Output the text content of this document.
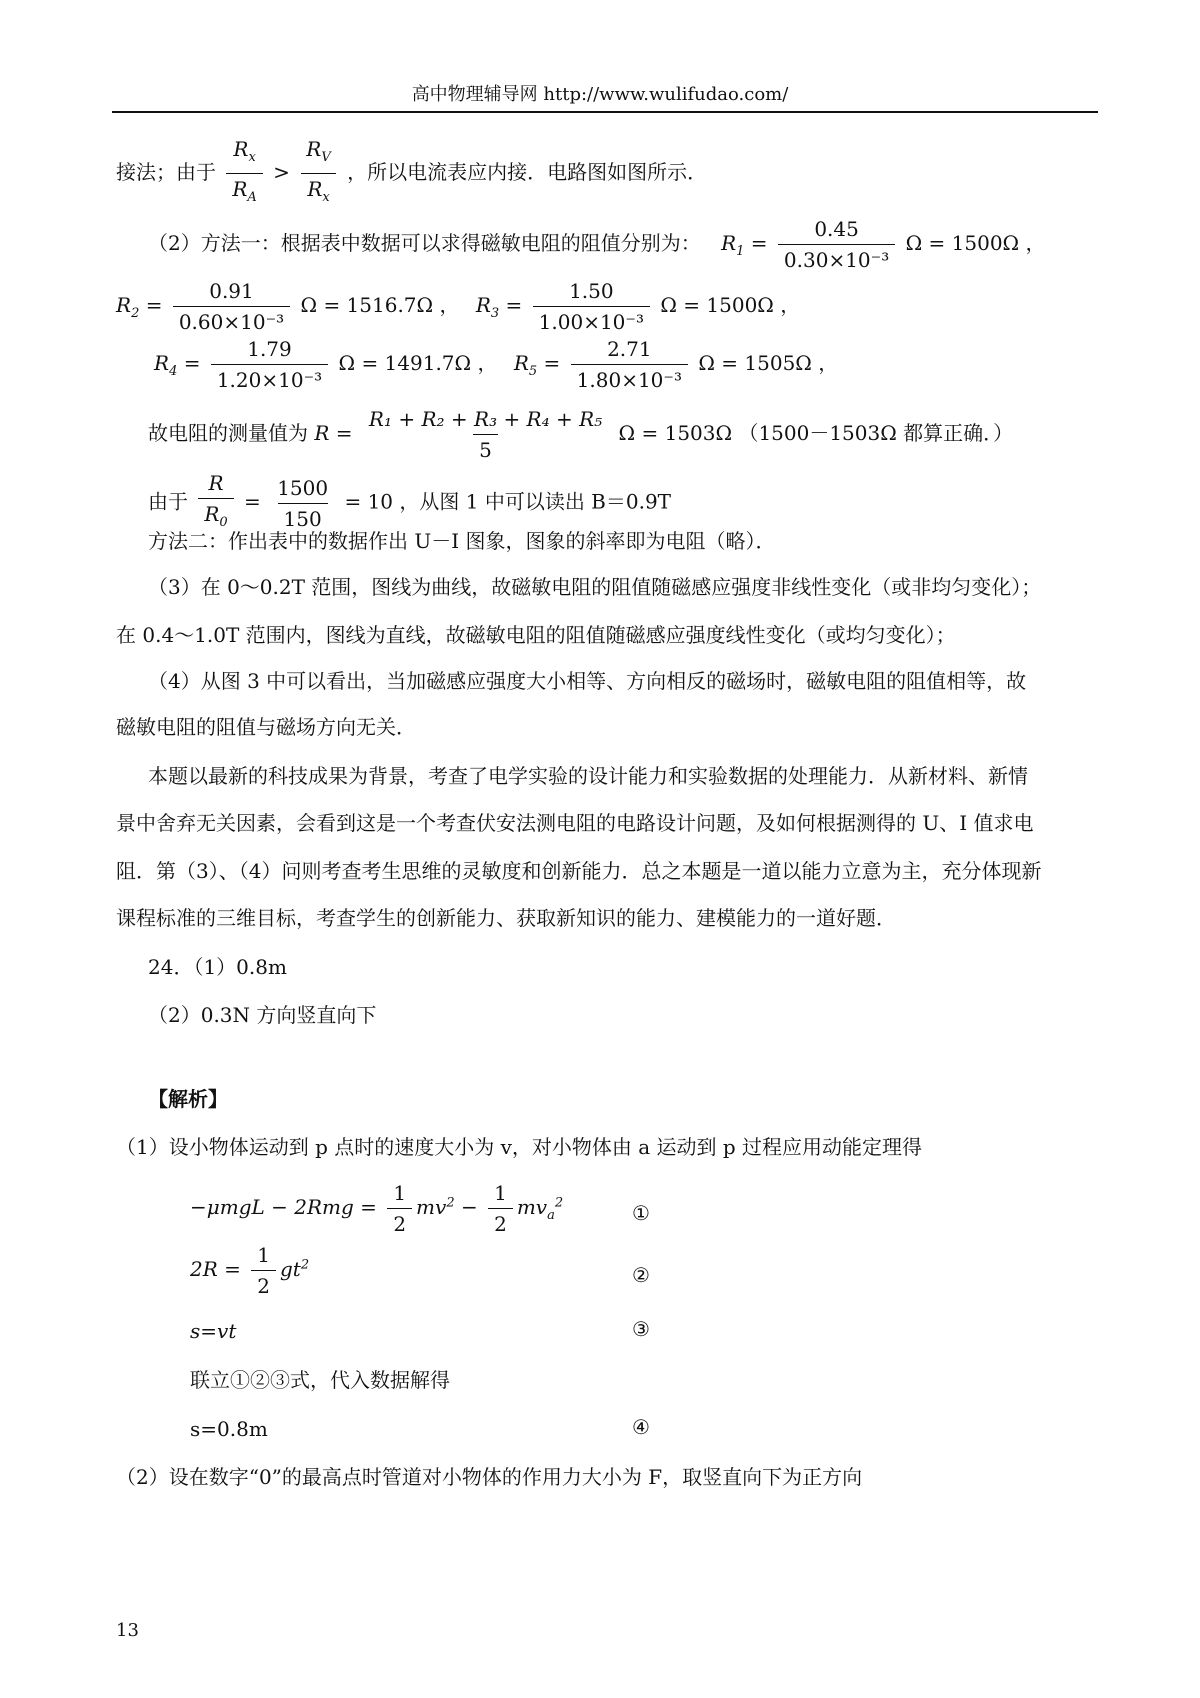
高中物理辅导网 http://www.wulifudao.com/
接法；由于 $\frac{R_x}{R_A} > \frac{R_V}{R_x}$ ，所以电流表应内接．电路图如图所示．
（2）方法一：根据表中数据可以求得磁敏电阻的阻值分别为： $R_1 = \frac{0.45}{\text{0.30×10⁻³}}$ Ω = 1500Ω ，
$R_2 = \frac{0.91}{\text{0.60×10⁻³}}$ Ω = 1516.7Ω ， $R_3 = \frac{1.50}{\text{1.00×10⁻³}}$ Ω = 1500Ω ，
$R_4 = \frac{1.79}{\text{1.20×10⁻³}}$ Ω = 1491.7Ω ， $R_5 = \frac{2.71}{\text{1.80×10⁻³}}$ Ω = 1505Ω ，
故电阻的测量值为 $R = \frac{\text{R₁ + R₂ + R₃ + R₄ + R₅}}{5}$ Ω = 1503Ω （1500－1503Ω 都算正确．）
由于 $\frac{R}{R_0} = \frac{1500}{150} = 10$ ，从图 1 中可以读出 B＝0.9T
方法二：作出表中的数据作出 U－I 图象，图象的斜率即为电阻（略）．
（3）在 0～0.2T 范围，图线为曲线，故磁敏电阻的阻值随磁感应强度非线性变化（或非均匀变化）；
在 0.4～1.0T 范围内，图线为直线，故磁敏电阻的阻值随磁感应强度线性变化（或均匀变化）；
（4）从图 3 中可以看出，当加磁感应强度大小相等、方向相反的磁场时，磁敏电阻的阻值相等，故
磁敏电阻的阻值与磁场方向无关．
本题以最新的科技成果为背景，考查了电学实验的设计能力和实验数据的处理能力．从新材料、新情
景中舍弃无关因素，会看到这是一个考查伏安法测电阻的电路设计问题，及如何根据测得的 U、I 值求电
阻．第（3）、（4）问则考查考生思维的灵敏度和创新能力．总之本题是一道以能力立意为主，充分体现新
课程标准的三维目标，考查学生的创新能力、获取新知识的能力、建模能力的一道好题．
24．（1）0.8m
（2）0.3N 方向竖直向下
【解析】
（1）设小物体运动到 p 点时的速度大小为 v，对小物体由 a 运动到 p 过程应用动能定理得
$-\mu mgL - 2Rmg = \frac{1}{2} mv^2 - \frac{1}{2} mv_a^2$	①
$2R = \frac{1}{2} gt^2$	②
s=vt	③
联立①②③式，代入数据解得
s=0.8m	④
（2）设在数字“0”的最高点时管道对小物体的作用力大小为 F，取竖直向下为正方向
13
